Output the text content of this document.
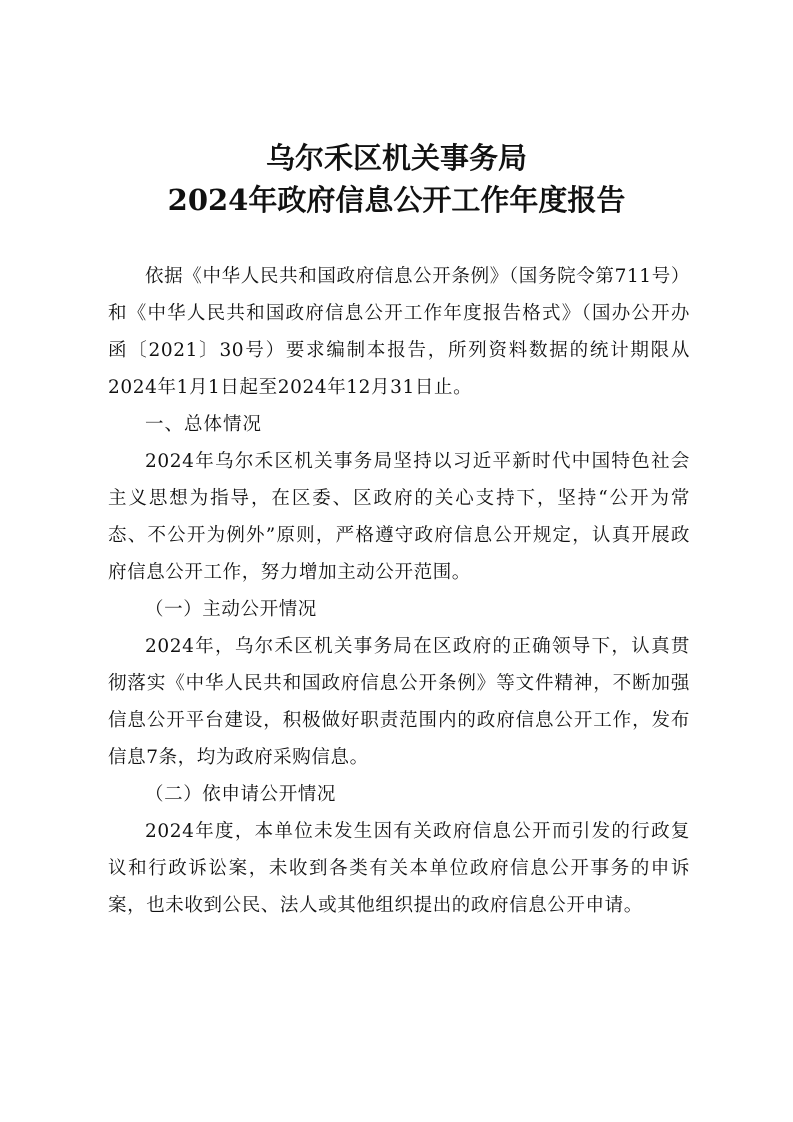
乌尔禾区机关事务局
2024年政府信息公开工作年度报告

依据《中华人民共和国政府信息公开条例》（国务院令第711号）和《中华人民共和国政府信息公开工作年度报告格式》（国办公开办函〔2021〕30号）要求编制本报告，所列资料数据的统计期限从2024年1月1日起至2024年12月31日止。

一、总体情况

2024年乌尔禾区机关事务局坚持以习近平新时代中国特色社会主义思想为指导，在区委、区政府的关心支持下，坚持“公开为常态、不公开为例外”原则，严格遵守政府信息公开规定，认真开展政府信息公开工作，努力增加主动公开范围。

（一）主动公开情况

2024年，乌尔禾区机关事务局在区政府的正确领导下，认真贯彻落实《中华人民共和国政府信息公开条例》等文件精神，不断加强信息公开平台建设，积极做好职责范围内的政府信息公开工作，发布信息7条，均为政府采购信息。

（二）依申请公开情况

2024年度，本单位未发生因有关政府信息公开而引发的行政复议和行政诉讼案，未收到各类有关本单位政府信息公开事务的申诉案，也未收到公民、法人或其他组织提出的政府信息公开申请。
